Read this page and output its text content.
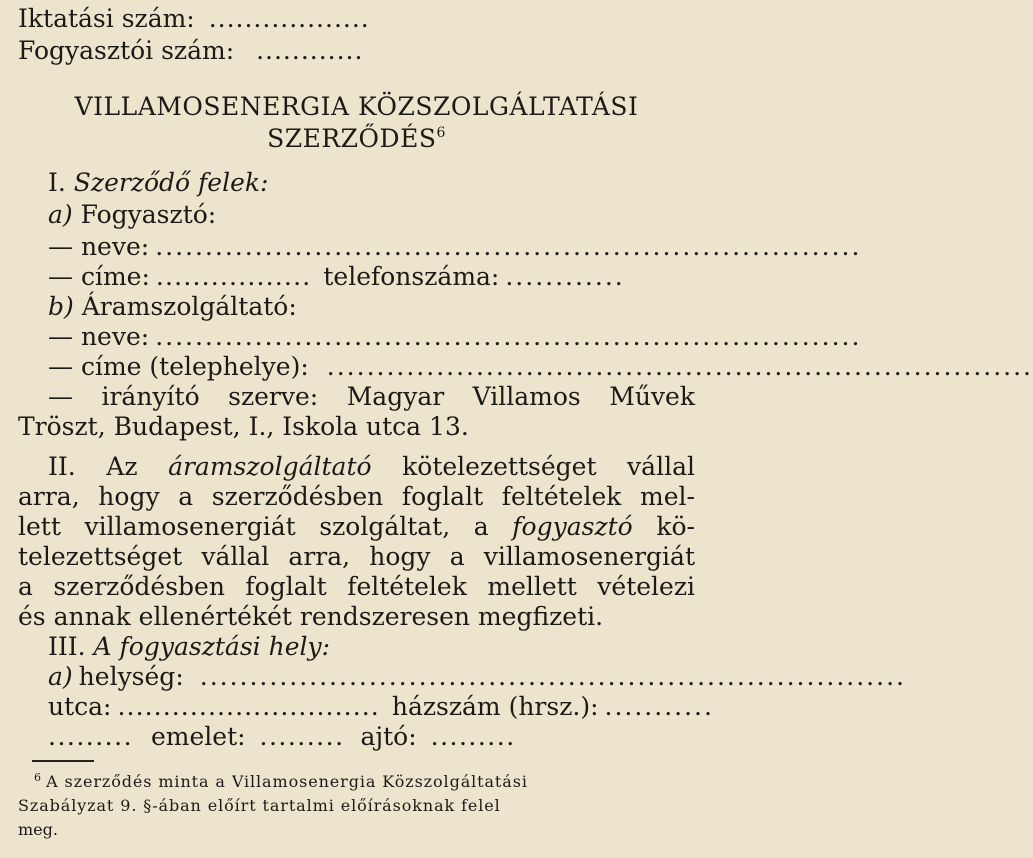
Iktatási szám: ..................
Fogyasztói szám: ............
VILLAMOSENERGIA KÖZSZOLGÁLTATÁSI
SZERZŐDÉS$^6$
I. Szerződő felek:
a) Fogyasztó:
— neve: .......................................................................
— címe: ................. telefonszáma: ............
b) Áramszolgáltató:
— neve: .......................................................................
— címe (telephelye): .......................................................................
— irányító szerve: Magyar Villamos Művek
Tröszt, Budapest, I., Iskola utca 13.
II. Az áramszolgáltató kötelezettséget vállal
arra, hogy a szerződésben foglalt feltételek mel-
lett villamosenergiát szolgáltat, a fogyasztó kö-
telezettséget vállal arra, hogy a villamosenergiát
a szerződésben foglalt feltételek mellett vételezi
és annak ellenértékét rendszeresen megfizeti.
III. A fogyasztási hely:
a) helység: .......................................................................
utca: ............................. házszám (hrsz.): ...........
......... emelet: ......... ajtó: .........
$^6$ A szerződés minta a Villamosenergia Közszolgáltatási
Szabályzat 9. §-ában előírt tartalmi előírásoknak felel
meg.
